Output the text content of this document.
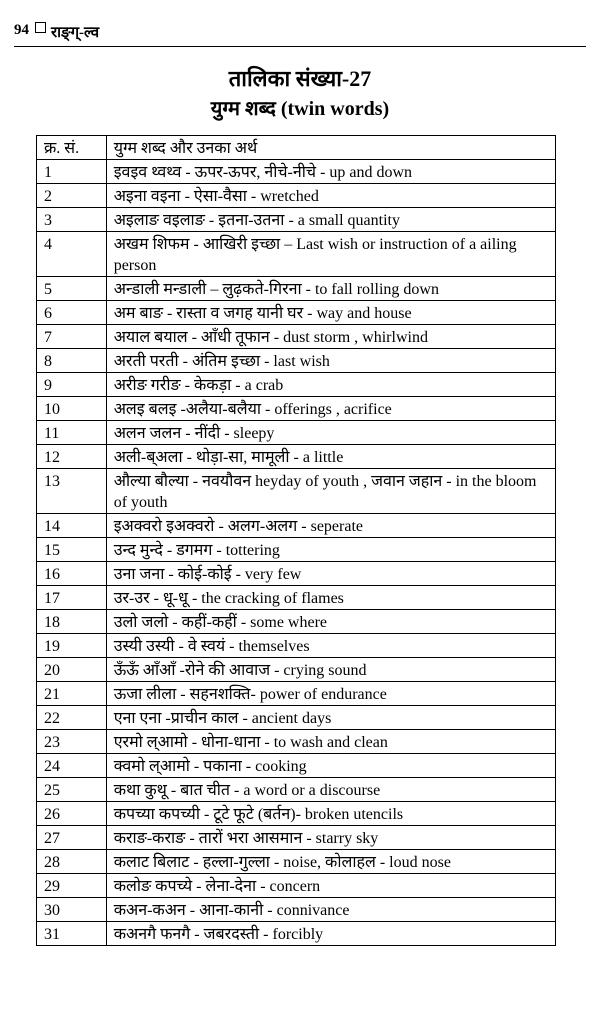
94 राङ्ग्-ल्व
तालिका संख्या-27
युग्म शब्द (twin words)
क्र. सं.	युग्म शब्द और उनका अर्थ
1	इवइव थ्वथ्व - ऊपर-ऊपर, नीचे-नीचे - up and down
2	अइना वइना - ऐसा-वैसा - wretched
3	अइलाङ वइलाङ - इतना-उतना - a small quantity
4	अखम शिफम - आखिरी इच्छा – Last wish or instruction of a ailing person
5	अन्डाली मन्डाली – लुढ़कते-गिरना - to fall rolling down
6	अम बाङ - रास्ता व जगह यानी घर - way and house
7	अयाल बयाल - आँधी तूफान - dust storm , whirlwind
8	अरती परती - अंतिम इच्छा - last wish
9	अरीङ गरीङ - केकड़ा - a crab
10	अलइ बलइ -अलैया-बलैया - offerings , acrifice
11	अलन जलन - नींदी - sleepy
12	अली-ब्अला - थोड़ा-सा, मामूली - a little
13	औल्या बौल्या - नवयौवन heyday of youth , जवान जहान - in the bloom of youth
14	इअक्वरो इअक्वरो - अलग-अलग - seperate
15	उन्द मुन्दे - डगमग - tottering
16	उना जना - कोई-कोई - very few
17	उर-उर - धू-धू - the cracking of flames
18	उलो जलो - कहीं-कहीं - some where
19	उस्यी उस्यी - वे स्वयं - themselves
20	ऊँऊँ आँआँ -रोने की आवाज - crying sound
21	ऊजा लीला - सहनशक्ति- power of endurance
22	एना एना -प्राचीन काल - ancient days
23	एरमो ल्आमो - धोना-धाना - to wash and clean
24	क्वमो ल्आमो - पकाना - cooking
25	कथा कुथू - बात चीत - a word or a discourse
26	कपच्या कपच्यी - टूटे फूटे (बर्तन)- broken utencils
27	कराङ-कराङ - तारों भरा आसमान - starry sky
28	कलाट बिलाट - हल्ला-गुल्ला - noise, कोलाहल - loud nose
29	कलोङ कपच्ये - लेना-देना - concern
30	कअन-कअन - आना-कानी - connivance
31	कअनगै फनगै - जबरदस्ती - forcibly
